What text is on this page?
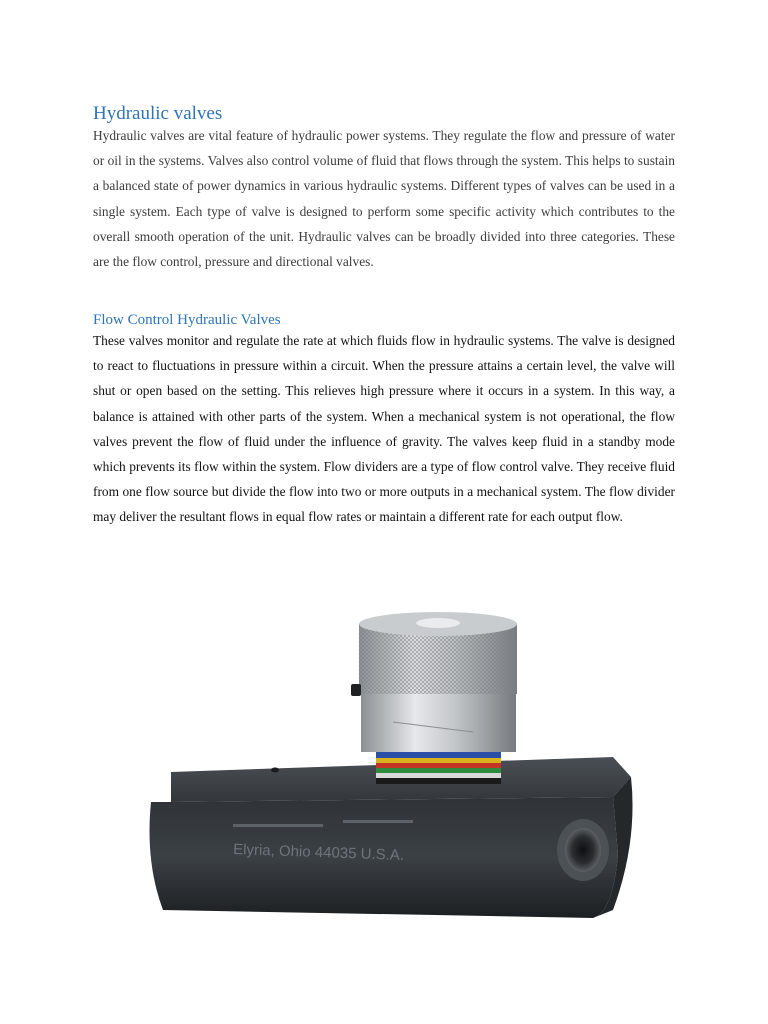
Hydraulic valves

Hydraulic valves are vital feature of hydraulic power systems. They regulate the flow and pressure of water or oil in the systems. Valves also control volume of fluid that flows through the system. This helps to sustain a balanced state of power dynamics in various hydraulic systems. Different types of valves can be used in a single system. Each type of valve is designed to perform some specific activity which contributes to the overall smooth operation of the unit. Hydraulic valves can be broadly divided into three categories. These are the flow control, pressure and directional valves.

Flow Control Hydraulic Valves

These valves monitor and regulate the rate at which fluids flow in hydraulic systems. The valve is designed to react to fluctuations in pressure within a circuit. When the pressure attains a certain level, the valve will shut or open based on the setting. This relieves high pressure where it occurs in a system. In this way, a balance is attained with other parts of the system. When a mechanical system is not operational, the flow valves prevent the flow of fluid under the influence of gravity. The valves keep fluid in a standby mode which prevents its flow within the system. Flow dividers are a type of flow control valve. They receive fluid from one flow source but divide the flow into two or more outputs in a mechanical system. The flow divider may deliver the resultant flows in equal flow rates or maintain a different rate for each output flow.

Elyria, Ohio 44035 U.S.A.
